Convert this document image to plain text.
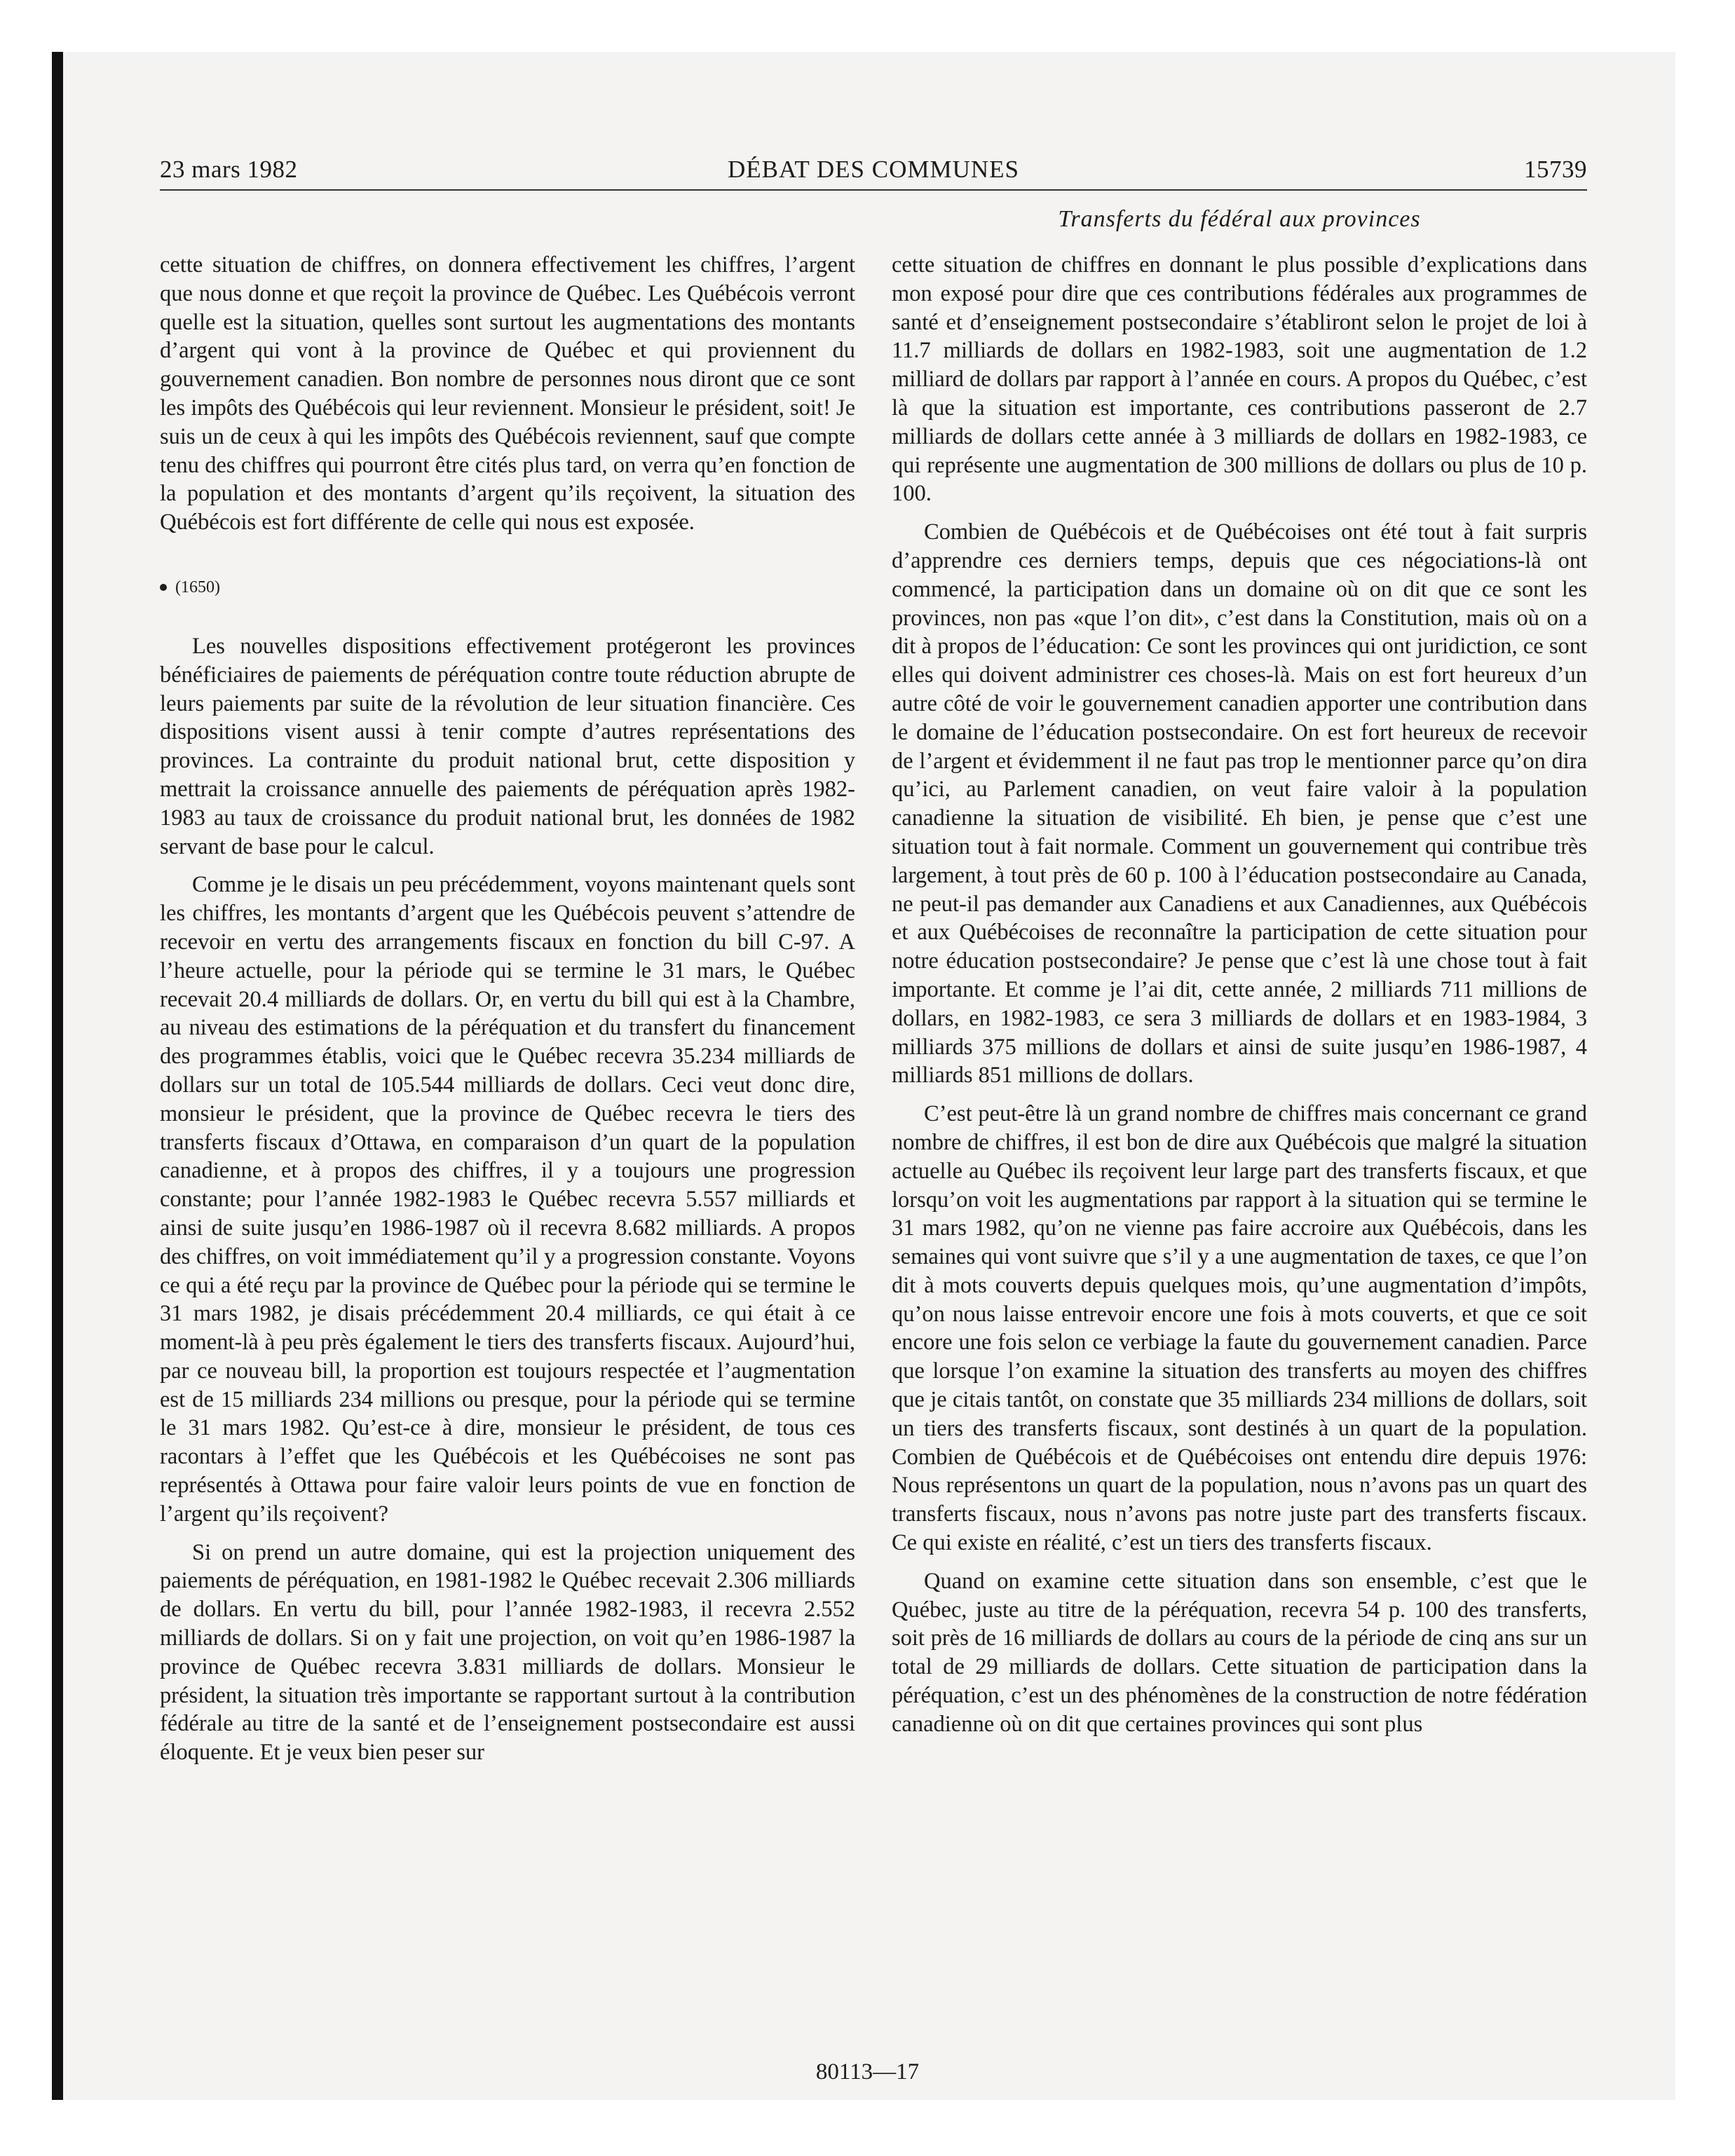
23 mars 1982	DÉBAT DES COMMUNES	15739
Transferts du fédéral aux provinces

cette situation de chiffres, on donnera effectivement les chiffres, l’argent que nous donne et que reçoit la province de Québec. Les Québécois verront quelle est la situation, quelles sont surtout les augmentations des montants d’argent qui vont à la province de Québec et qui proviennent du gouvernement canadien. Bon nombre de personnes nous diront que ce sont les impôts des Québécois qui leur reviennent. Monsieur le président, soit! Je suis un de ceux à qui les impôts des Québécois reviennent, sauf que compte tenu des chiffres qui pourront être cités plus tard, on verra qu’en fonction de la population et des montants d’argent qu’ils reçoivent, la situation des Québécois est fort différente de celle qui nous est exposée.

(1650)

Les nouvelles dispositions effectivement protégeront les provinces bénéficiaires de paiements de péréquation contre toute réduction abrupte de leurs paiements par suite de la révolution de leur situation financière. Ces dispositions visent aussi à tenir compte d’autres représentations des provinces. La contrainte du produit national brut, cette disposition y mettrait la croissance annuelle des paiements de péréquation après 1982-1983 au taux de croissance du produit national brut, les données de 1982 servant de base pour le calcul.

Comme je le disais un peu précédemment, voyons maintenant quels sont les chiffres, les montants d’argent que les Québécois peuvent s’attendre de recevoir en vertu des arrangements fiscaux en fonction du bill C-97. A l’heure actuelle, pour la période qui se termine le 31 mars, le Québec recevait 20.4 milliards de dollars. Or, en vertu du bill qui est à la Chambre, au niveau des estimations de la péréquation et du transfert du financement des programmes établis, voici que le Québec recevra 35.234 milliards de dollars sur un total de 105.544 milliards de dollars. Ceci veut donc dire, monsieur le président, que la province de Québec recevra le tiers des transferts fiscaux d’Ottawa, en comparaison d’un quart de la population canadienne, et à propos des chiffres, il y a toujours une progression constante; pour l’année 1982-1983 le Québec recevra 5.557 milliards et ainsi de suite jusqu’en 1986-1987 où il recevra 8.682 milliards. A propos des chiffres, on voit immédiatement qu’il y a progression constante. Voyons ce qui a été reçu par la province de Québec pour la période qui se termine le 31 mars 1982, je disais précédemment 20.4 milliards, ce qui était à ce moment-là à peu près également le tiers des transferts fiscaux. Aujourd’hui, par ce nouveau bill, la proportion est toujours respectée et l’augmentation est de 15 milliards 234 millions ou presque, pour la période qui se termine le 31 mars 1982. Qu’est-ce à dire, monsieur le président, de tous ces racontars à l’effet que les Québécois et les Québécoises ne sont pas représentés à Ottawa pour faire valoir leurs points de vue en fonction de l’argent qu’ils reçoivent?

Si on prend un autre domaine, qui est la projection uniquement des paiements de péréquation, en 1981-1982 le Québec recevait 2.306 milliards de dollars. En vertu du bill, pour l’année 1982-1983, il recevra 2.552 milliards de dollars. Si on y fait une projection, on voit qu’en 1986-1987 la province de Québec recevra 3.831 milliards de dollars. Monsieur le président, la situation très importante se rapportant surtout à la contribution fédérale au titre de la santé et de l’enseignement postsecondaire est aussi éloquente. Et je veux bien peser sur

cette situation de chiffres en donnant le plus possible d’explications dans mon exposé pour dire que ces contributions fédérales aux programmes de santé et d’enseignement postsecondaire s’établiront selon le projet de loi à 11.7 milliards de dollars en 1982-1983, soit une augmentation de 1.2 milliard de dollars par rapport à l’année en cours. A propos du Québec, c’est là que la situation est importante, ces contributions passeront de 2.7 milliards de dollars cette année à 3 milliards de dollars en 1982-1983, ce qui représente une augmentation de 300 millions de dollars ou plus de 10 p. 100.

Combien de Québécois et de Québécoises ont été tout à fait surpris d’apprendre ces derniers temps, depuis que ces négociations-là ont commencé, la participation dans un domaine où on dit que ce sont les provinces, non pas «que l’on dit», c’est dans la Constitution, mais où on a dit à propos de l’éducation: Ce sont les provinces qui ont juridiction, ce sont elles qui doivent administrer ces choses-là. Mais on est fort heureux d’un autre côté de voir le gouvernement canadien apporter une contribution dans le domaine de l’éducation postsecondaire. On est fort heureux de recevoir de l’argent et évidemment il ne faut pas trop le mentionner parce qu’on dira qu’ici, au Parlement canadien, on veut faire valoir à la population canadienne la situation de visibilité. Eh bien, je pense que c’est une situation tout à fait normale. Comment un gouvernement qui contribue très largement, à tout près de 60 p. 100 à l’éducation postsecondaire au Canada, ne peut-il pas demander aux Canadiens et aux Canadiennes, aux Québécois et aux Québécoises de reconnaître la participation de cette situation pour notre éducation postsecondaire? Je pense que c’est là une chose tout à fait importante. Et comme je l’ai dit, cette année, 2 milliards 711 millions de dollars, en 1982-1983, ce sera 3 milliards de dollars et en 1983-1984, 3 milliards 375 millions de dollars et ainsi de suite jusqu’en 1986-1987, 4 milliards 851 millions de dollars.

C’est peut-être là un grand nombre de chiffres mais concernant ce grand nombre de chiffres, il est bon de dire aux Québécois que malgré la situation actuelle au Québec ils reçoivent leur large part des transferts fiscaux, et que lorsqu’on voit les augmentations par rapport à la situation qui se termine le 31 mars 1982, qu’on ne vienne pas faire accroire aux Québécois, dans les semaines qui vont suivre que s’il y a une augmentation de taxes, ce que l’on dit à mots couverts depuis quelques mois, qu’une augmentation d’impôts, qu’on nous laisse entrevoir encore une fois à mots couverts, et que ce soit encore une fois selon ce verbiage la faute du gouvernement canadien. Parce que lorsque l’on examine la situation des transferts au moyen des chiffres que je citais tantôt, on constate que 35 milliards 234 millions de dollars, soit un tiers des transferts fiscaux, sont destinés à un quart de la population. Combien de Québécois et de Québécoises ont entendu dire depuis 1976: Nous représentons un quart de la population, nous n’avons pas un quart des transferts fiscaux, nous n’avons pas notre juste part des transferts fiscaux. Ce qui existe en réalité, c’est un tiers des transferts fiscaux.

Quand on examine cette situation dans son ensemble, c’est que le Québec, juste au titre de la péréquation, recevra 54 p. 100 des transferts, soit près de 16 milliards de dollars au cours de la période de cinq ans sur un total de 29 milliards de dollars. Cette situation de participation dans la péréquation, c’est un des phénomènes de la construction de notre fédération canadienne où on dit que certaines provinces qui sont plus

80113—17
